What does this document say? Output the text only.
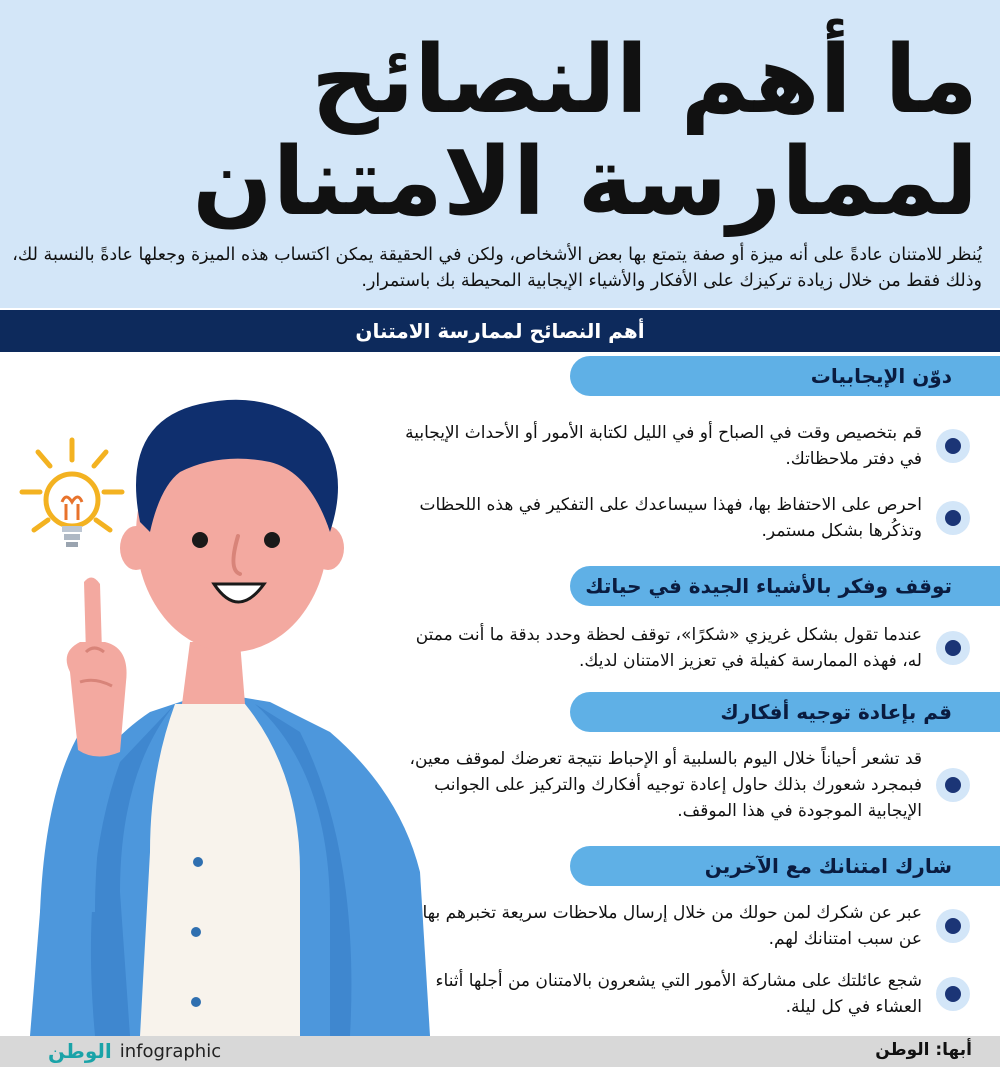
ما أهم النصائح
لممارسة الامتنان

يُنظر للامتنان عادةً على أنه ميزة أو صفة يتمتع بها بعض الأشخاص، ولكن في الحقيقة يمكن اكتساب هذه الميزة وجعلها عادةً بالنسبة لك، وذلك فقط من خلال زيادة تركيزك على الأفكار والأشياء الإيجابية المحيطة بك باستمرار.

أهم النصائح لممارسة الامتنان
دوّن الإيجابيات
قم بتخصيص وقت في الصباح أو في الليل لكتابة الأمور أو الأحداث الإيجابية في دفتر ملاحظاتك.
احرص على الاحتفاظ بها، فهذا سيساعدك على التفكير في هذه اللحظات وتذكُرها بشكل مستمر.
توقف وفكر بالأشياء الجيدة في حياتك
عندما تقول بشكل غريزي «شكرًا»، توقف لحظة وحدد بدقة ما أنت ممتن له، فهذه الممارسة كفيلة في تعزيز الامتنان لديك.
قم بإعادة توجيه أفكارك
قد تشعر أحياناً خلال اليوم بالسلبية أو الإحباط نتيجة تعرضك لموقف معين، فبمجرد شعورك بذلك حاول إعادة توجيه أفكارك والتركيز على الجوانب الإيجابية الموجودة في هذا الموقف.
شارك امتنانك مع الآخرين
عبر عن شكرك لمن حولك من خلال إرسال ملاحظات سريعة تخبرهم بها عن سبب امتنانك لهم.
شجع عائلتك على مشاركة الأمور التي يشعرون بالامتنان من أجلها أثناء العشاء في كل ليلة.
أبها: الوطن
الوطن infographic
